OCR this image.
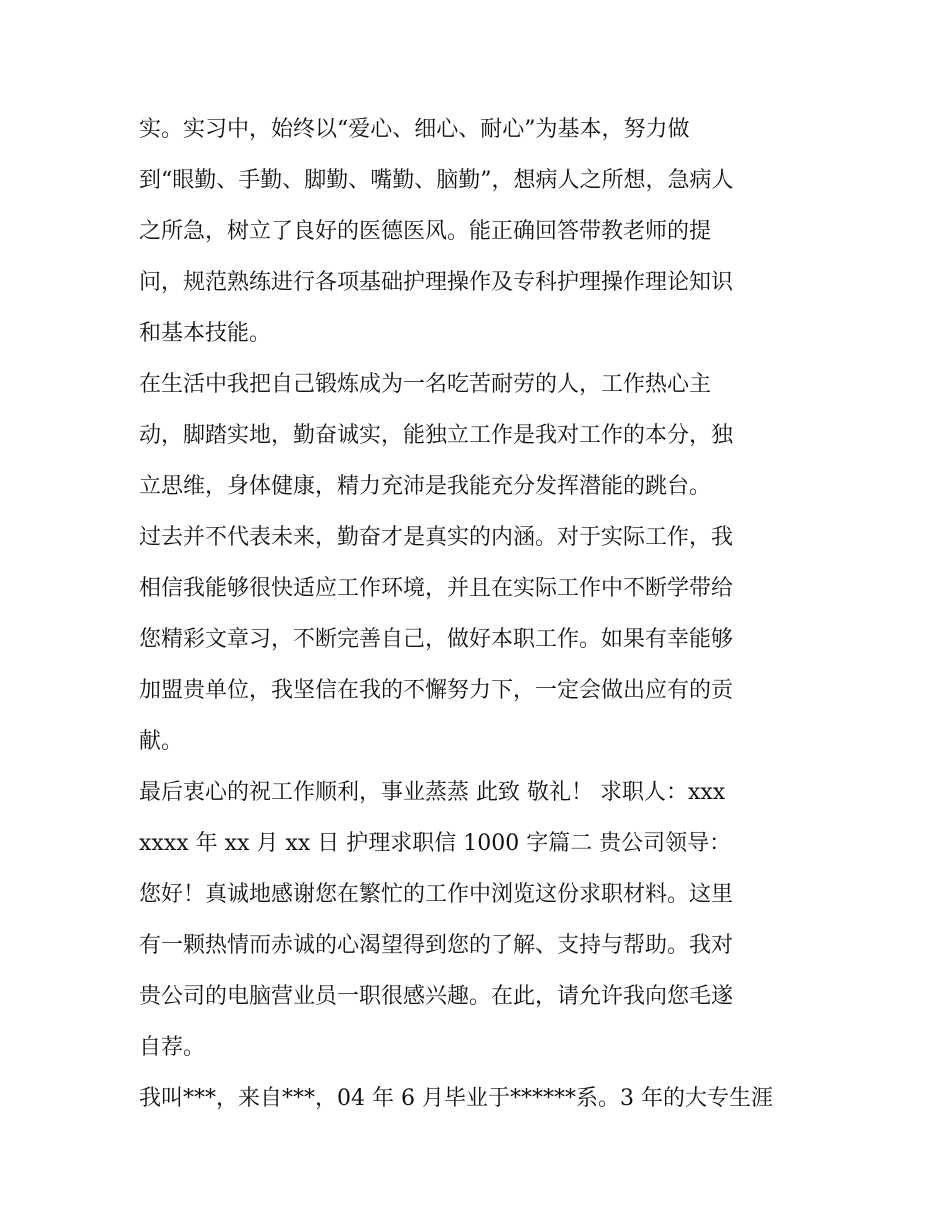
实。实习中，始终以“爱心、细心、耐心”为基本，努力做
到“眼勤、手勤、脚勤、嘴勤、脑勤”，想病人之所想，急病人
之所急，树立了良好的医德医风。能正确回答带教老师的提
问，规范熟练进行各项基础护理操作及专科护理操作理论知识
和基本技能。
在生活中我把自己锻炼成为一名吃苦耐劳的人，工作热心主
动，脚踏实地，勤奋诚实，能独立工作是我对工作的本分，独
立思维，身体健康，精力充沛是我能充分发挥潜能的跳台。
过去并不代表未来，勤奋才是真实的内涵。对于实际工作，我
相信我能够很快适应工作环境，并且在实际工作中不断学带给
您精彩文章习，不断完善自己，做好本职工作。如果有幸能够
加盟贵单位，我坚信在我的不懈努力下，一定会做出应有的贡
献。
最后衷心的祝工作顺利，事业蒸蒸 此致 敬礼！ 求职人：xxx
xxxx 年 xx 月 xx 日 护理求职信 1000 字篇二 贵公司领导：
您好！真诚地感谢您在繁忙的工作中浏览这份求职材料。这里
有一颗热情而赤诚的心渴望得到您的了解、支持与帮助。我对
贵公司的电脑营业员一职很感兴趣。在此，请允许我向您毛遂
自荐。
我叫***，来自***，04 年 6 月毕业于******系。3 年的大专生涯
